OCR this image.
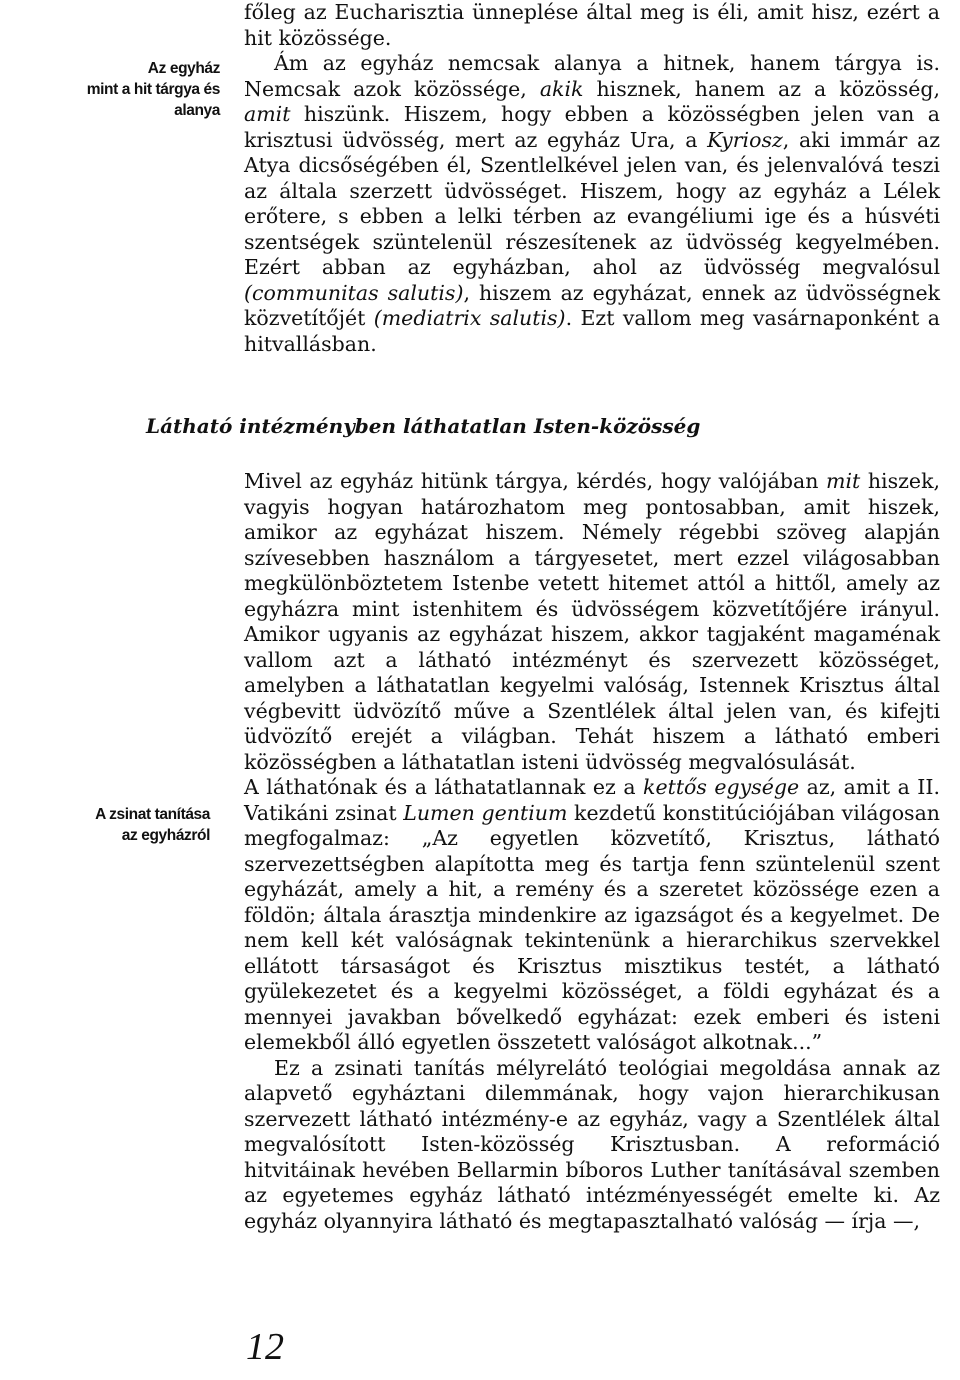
főleg az Eucharisztia ünneplése által meg is éli, amit hisz, ezért a hit közössége.

Ám az egyház nemcsak alanya a hitnek, hanem tárgya is. Nemcsak azok közössége, akik hisznek, hanem az a közösség, amit hiszünk. Hiszem, hogy ebben a közösségben jelen van a krisztusi üdvösség, mert az egyház Ura, a Kyriosz, aki immár az Atya dicsőségében él, Szentlelkével jelen van, és jelenvalóvá teszi az általa szerzett üdvösséget. Hiszem, hogy az egyház a Lélek erőtere, s ebben a lelki térben az evangéliumi ige és a húsvéti szentségek szüntelenül részesítenek az üdvösség kegyelmében. Ezért abban az egyházban, ahol az üdvösség megvalósul (communitas salutis), hiszem az egyházat, ennek az üdvösségnek közvetítőjét (mediatrix salutis). Ezt vallom meg vasárnaponként a hitvallásban.

Az egyház
mint a hit tárgya és
alanya
Látható intézményben láthatatlan Isten-közösség

Mivel az egyház hitünk tárgya, kérdés, hogy valójában mit hiszek, vagyis hogyan határozhatom meg pontosabban, amit hiszek, amikor az egyházat hiszem. Némely régebbi szöveg alapján szívesebben használom a tárgyesetet, mert ezzel világosabban megkülönböztetem Istenbe vetett hitemet attól a hittől, amely az egyházra mint istenhitem és üdvösségem közvetítőjére irányul. Amikor ugyanis az egyházat hiszem, akkor tagjaként magaménak vallom azt a látható intézményt és szervezett közösséget, amelyben a láthatatlan kegyelmi valóság, Istennek Krisztus által végbevitt üdvözítő műve a Szentlélek által jelen van, és kifejti üdvözítő erejét a világban. Tehát hiszem a látható emberi közösségben a láthatatlan isteni üdvösség megvalósulását.

A láthatónak és a láthatatlannak ez a kettős egysége az, amit a II. Vatikáni zsinat Lumen gentium kezdetű konstitúciójában világosan megfogalmaz: „Az egyetlen közvetítő, Krisztus, látható szervezettségben alapította meg és tartja fenn szüntelenül szent egyházát, amely a hit, a remény és a szeretet közössége ezen a földön; általa árasztja mindenkire az igazságot és a kegyelmet. De nem kell két valóságnak tekintenünk a hierarchikus szervekkel ellátott társaságot és Krisztus misztikus testét, a látható gyülekezetet és a kegyelmi közösséget, a földi egyházat és a mennyei javakban bővelkedő egyházat: ezek emberi és isteni elemekből álló egyetlen összetett valóságot alkotnak...”

Ez a zsinati tanítás mélyrelátó teológiai megoldása annak az alapvető egyháztani dilemmának, hogy vajon hierarchikusan szervezett látható intézmény-e az egyház, vagy a Szentlélek által megvalósított Isten-közösség Krisztusban. A reformáció hitvitáinak hevében Bellarmin bíboros Luther tanításával szemben az egyetemes egyház látható intézményességét emelte ki. Az egyház olyannyira látható és megtapasztalható valóság — írja —,

A zsinat tanítása
az egyházról
12
